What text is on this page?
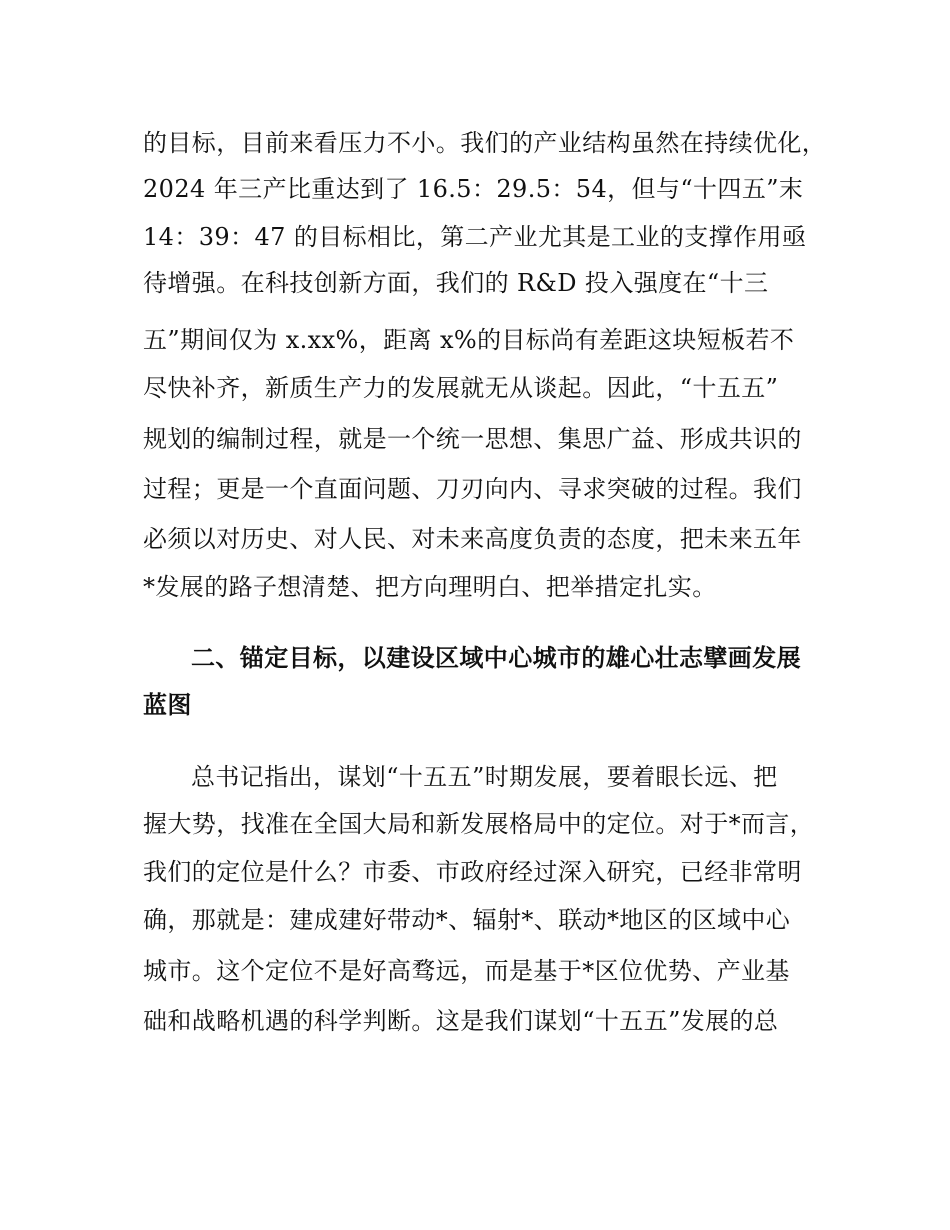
的目标，目前来看压力不小。我们的产业结构虽然在持续优化，
2024 年三产比重达到了 16.5：29.5：54，但与“十四五”末
14：39：47 的目标相比，第二产业尤其是工业的支撑作用亟
待增强。在科技创新方面，我们的 R&D 投入强度在“十三
五”期间仅为 x.xx%，距离 x%的目标尚有差距这块短板若不
尽快补齐，新质生产力的发展就无从谈起。因此，“十五五”
规划的编制过程，就是一个统一思想、集思广益、形成共识的
过程；更是一个直面问题、刀刃向内、寻求突破的过程。我们
必须以对历史、对人民、对未来高度负责的态度，把未来五年
*发展的路子想清楚、把方向理明白、把举措定扎实。
二、锚定目标，以建设区域中心城市的雄心壮志擘画发展
蓝图
总书记指出，谋划“十五五”时期发展，要着眼长远、把
握大势，找准在全国大局和新发展格局中的定位。对于*而言，
我们的定位是什么？市委、市政府经过深入研究，已经非常明
确，那就是：建成建好带动*、辐射*、联动*地区的区域中心
城市。这个定位不是好高骛远，而是基于*区位优势、产业基
础和战略机遇的科学判断。这是我们谋划“十五五”发展的总
